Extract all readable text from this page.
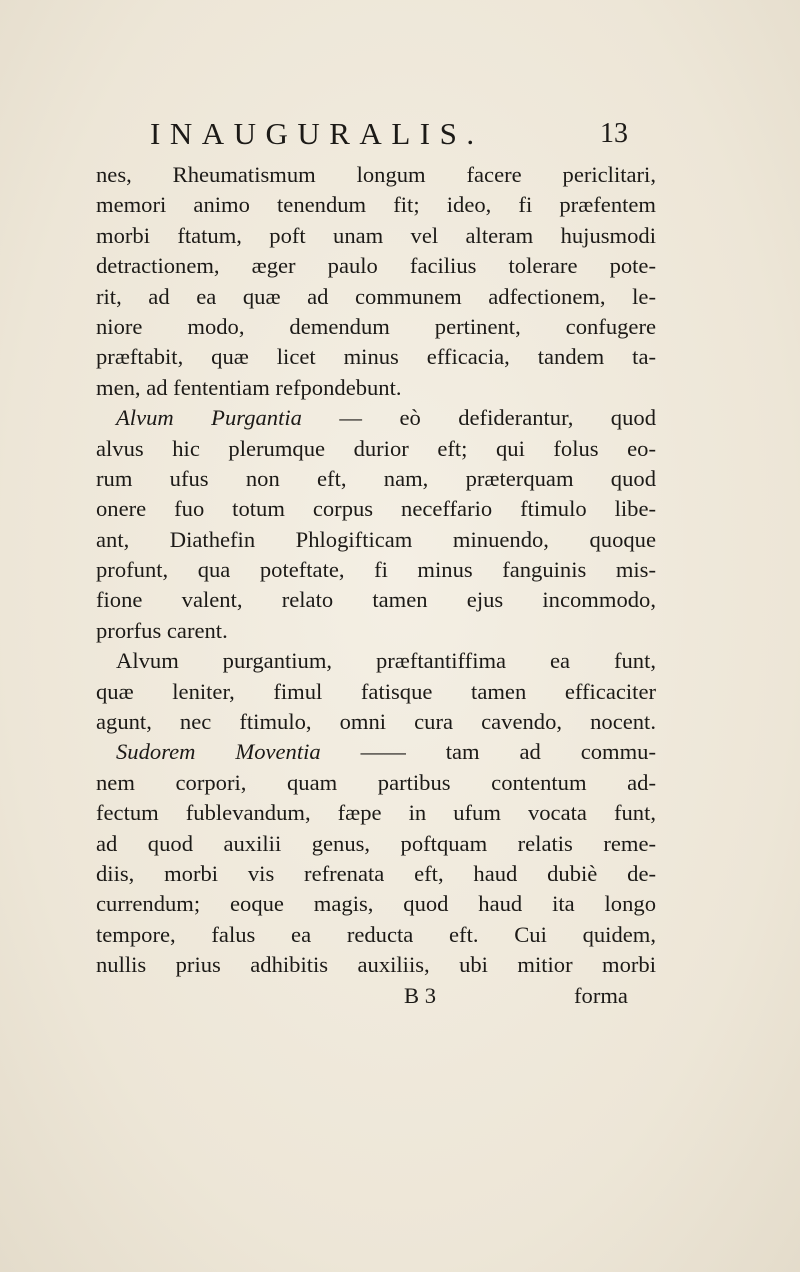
INAUGURALIS.	13
nes, Rheumatismum longum facere periclitari,
memori animo tenendum fit; ideo, fi præfentem
morbi ftatum, poft unam vel alteram hujusmodi
detractionem, æger paulo facilius tolerare pote-
rit, ad ea quæ ad communem adfectionem, le-
niore modo, demendum pertinent, confugere
præftabit, quæ licet minus efficacia, tandem ta-
men, ad fententiam refpondebunt.
Alvum Purgantia — eò defiderantur, quod
alvus hic plerumque durior eft; qui folus eo-
rum ufus non eft, nam, præterquam quod
onere fuo totum corpus neceffario ftimulo libe-
ant, Diathefin Phlogifticam minuendo, quoque
profunt, qua poteftate, fi minus fanguinis mis-
fione valent, relato tamen ejus incommodo,
prorfus carent.
Alvum purgantium, præftantiffima ea funt,
quæ leniter, fimul fatisque tamen efficaciter
agunt, nec ftimulo, omni cura cavendo, nocent.
Sudorem Moventia —— tam ad commu-
nem corpori, quam partibus contentum ad-
fectum fublevandum, fæpe in ufum vocata funt,
ad quod auxilii genus, poftquam relatis reme-
diis, morbi vis refrenata eft, haud dubiè de-
currendum; eoque magis, quod haud ita longo
tempore, falus ea reducta eft. Cui quidem,
nullis prius adhibitis auxiliis, ubi mitior morbi
B 3	forma
